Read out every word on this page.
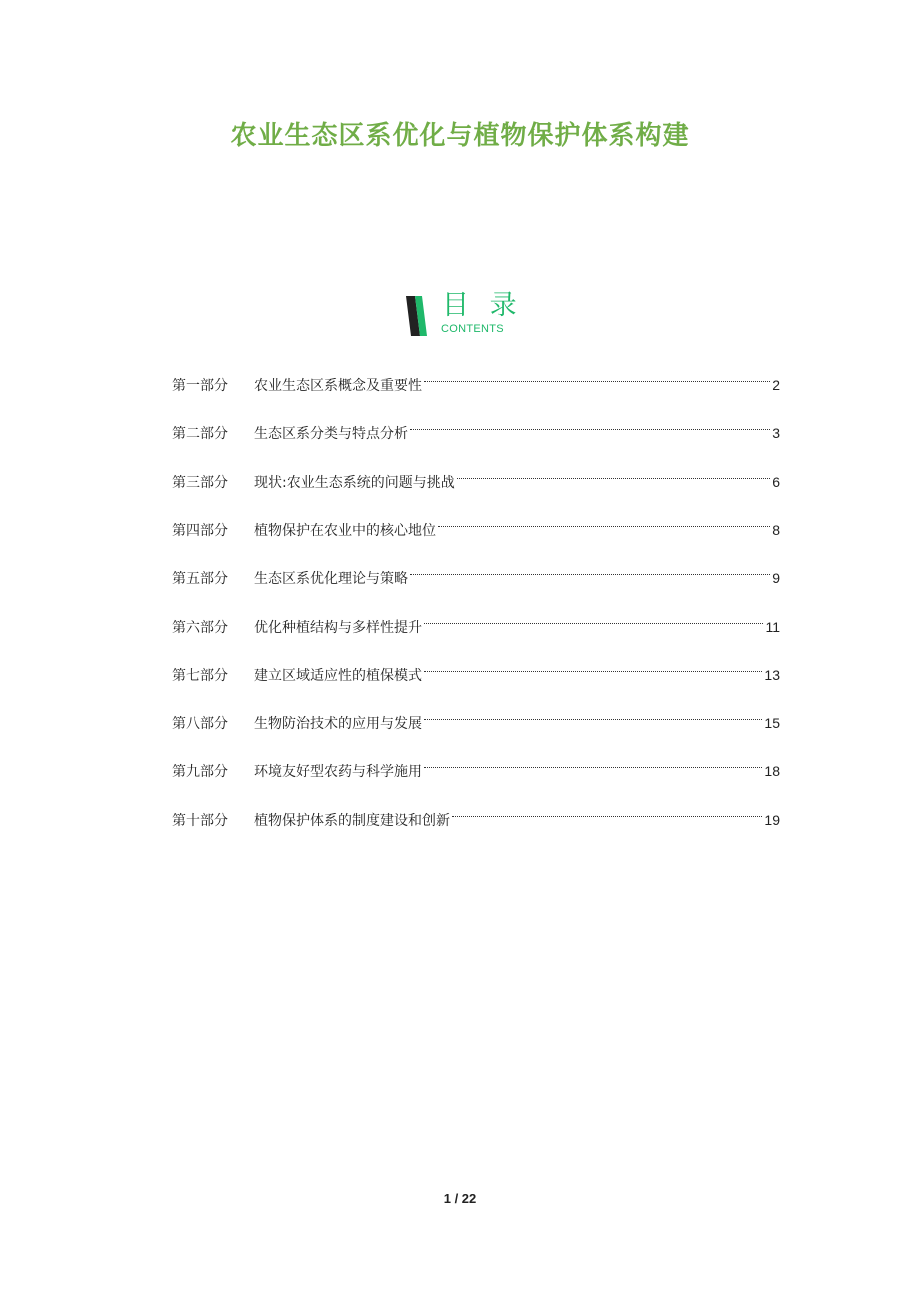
农业生态区系优化与植物保护体系构建
目 录
CONTENTS
第一部分	农业生态区系概念及重要性	2
第二部分	生态区系分类与特点分析	3
第三部分	现状:农业生态系统的问题与挑战	6
第四部分	植物保护在农业中的核心地位	8
第五部分	生态区系优化理论与策略	9
第六部分	优化种植结构与多样性提升	11
第七部分	建立区域适应性的植保模式	13
第八部分	生物防治技术的应用与发展	15
第九部分	环境友好型农药与科学施用	18
第十部分	植物保护体系的制度建设和创新	19
1 / 22
